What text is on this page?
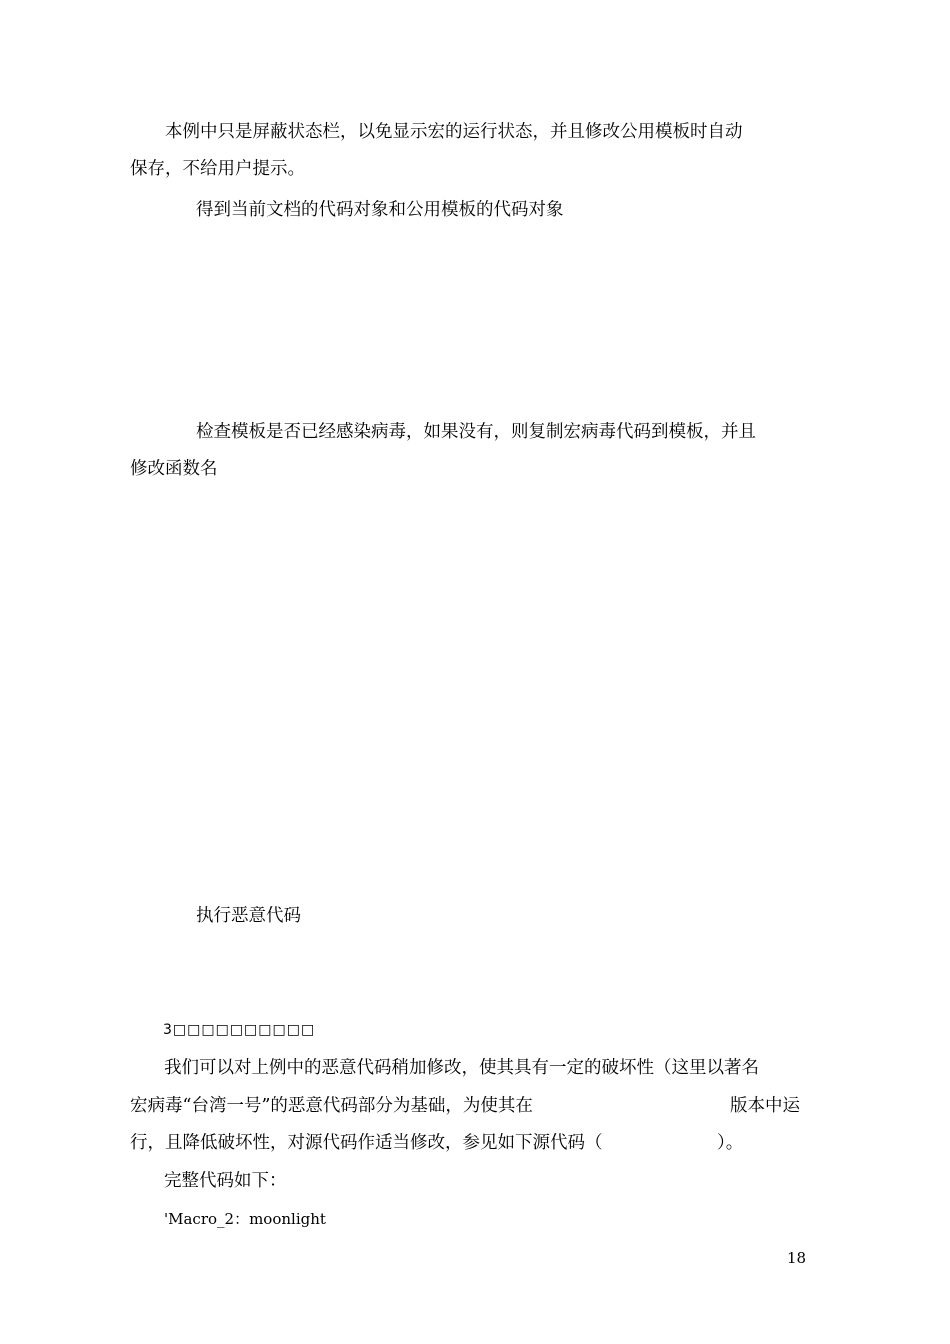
本例中只是屏蔽状态栏，以免显示宏的运行状态，并且修改公用模板时自动
保存，不给用户提示。
得到当前文档的代码对象和公用模板的代码对象
检查模板是否已经感染病毒，如果没有，则复制宏病毒代码到模板，并且
修改函数名
执行恶意代码
3□□□□□□□□□□
我们可以对上例中的恶意代码稍加修改，使其具有一定的破坏性（这里以著名
宏病毒“台湾一号”的恶意代码部分为基础，为使其在	版本中运
行，且降低破坏性，对源代码作适当修改，参见如下源代码（	）。
完整代码如下：
'Macro_2：moonlight
18
